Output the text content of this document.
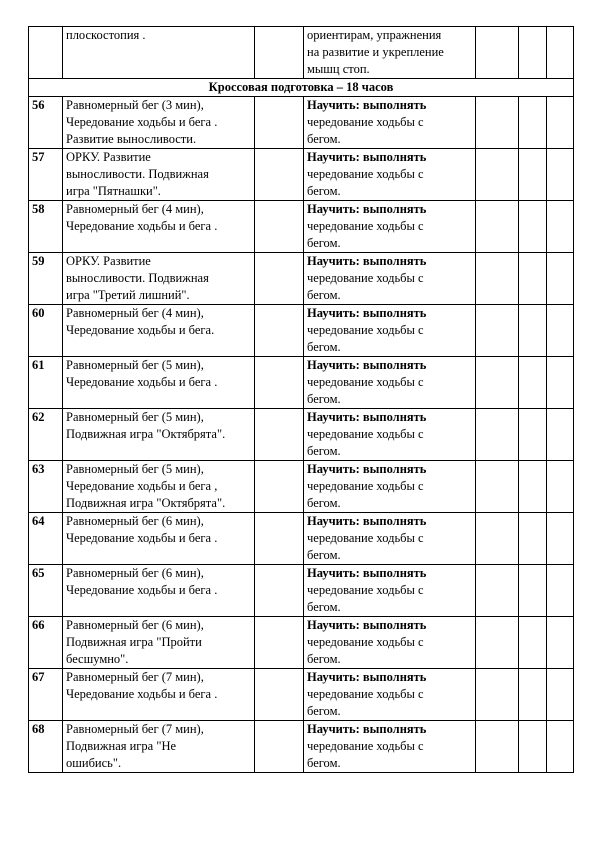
	плоскостопия .		ориентирам, упражнения
на развитие и укрепление
мышц стоп.			

Кроссовая подготовка – 18 часов						
56	Равномерный бег (3 мин),
Чередование ходьбы и бега .
Развитие выносливости.		Научить: выполнять
чередование ходьбы с
бегом.			

57	ОРКУ. Развитие
выносливости. Подвижная
игра "Пятнашки".		Научить: выполнять
чередование ходьбы с
бегом.			

58	Равномерный бег (4 мин),
Чередование ходьбы и бега .		Научить: выполнять
чередование ходьбы с
бегом.			

59	ОРКУ. Развитие
выносливости. Подвижная
игра "Третий лишний".		Научить: выполнять
чередование ходьбы с
бегом.			

60	Равномерный бег (4 мин),
Чередование ходьбы и бега.		Научить: выполнять
чередование ходьбы с
бегом.			

61	Равномерный бег (5 мин),
Чередование ходьбы и бега .		Научить: выполнять
чередование ходьбы с
бегом.			

62	Равномерный бег (5 мин),
Подвижная игра "Октябрята".		Научить: выполнять
чередование ходьбы с
бегом.			

63	Равномерный бег (5 мин),
Чередование ходьбы и бега ,
Подвижная игра "Октябрята".		Научить: выполнять
чередование ходьбы с
бегом.			

64	Равномерный бег (6 мин),
Чередование ходьбы и бега .		Научить: выполнять
чередование ходьбы с
бегом.			

65	Равномерный бег (6 мин),
Чередование ходьбы и бега .		Научить: выполнять
чередование ходьбы с
бегом.			

66	Равномерный бег (6 мин),
Подвижная игра "Пройти
бесшумно".		Научить: выполнять
чередование ходьбы с
бегом.			

67	Равномерный бег (7 мин),
Чередование ходьбы и бега .		Научить: выполнять
чередование ходьбы с
бегом.			

68	Равномерный бег (7 мин),
Подвижная игра "Не
ошибись".		Научить: выполнять
чередование ходьбы с
бегом.			
